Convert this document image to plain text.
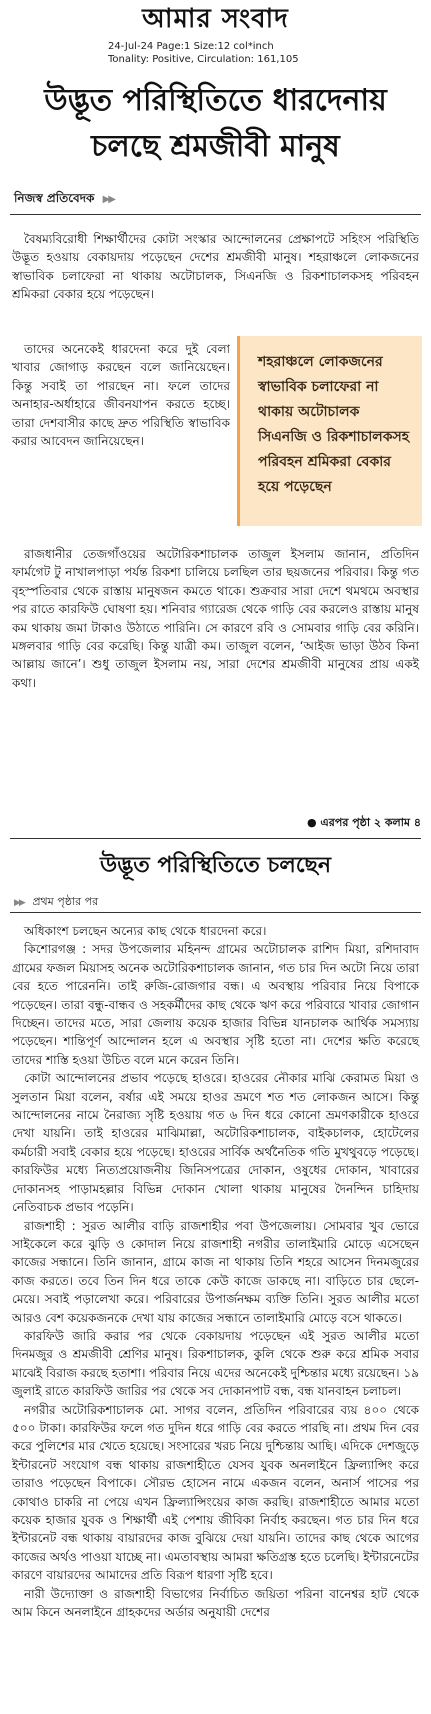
আমার সংবাদ
24-Jul-24 Page:1 Size:12 col*inch
Tonality: Positive, Circulation: 161,105
উদ্ভূত পরিস্থিতিতে ধারদেনায়
চলছে শ্রমজীবী মানুষ
নিজস্ব প্রতিবেদক ▶▶

বৈষম্যবিরোধী শিক্ষার্থীদের কোটা সংস্কার আন্দোলনের প্রেক্ষাপটে সহিংস পরিস্থিতি উদ্ভূত হওয়ায় বেকায়দায় পড়েছেন দেশের শ্রমজীবী মানুষ। শহরাঞ্চলে লোকজনের স্বাভাবিক চলাফেরা না থাকায় অটোচালক, সিএনজি ও রিকশাচালকসহ পরিবহন শ্রমিকরা বেকার হয়ে পড়েছেন।

তাদের অনেকেই ধারদেনা করে দুই বেলা খাবার জোগাড় করছেন বলে জানিয়েছেন। কিন্তু সবাই তা পারছেন না। ফলে তাদের অনাহার-অর্ধাহারে জীবনযাপন করতে হচ্ছে। তারা দেশবাসীর কাছে দ্রুত পরিস্থিতি স্বাভাবিক করার আবেদন জানিয়েছেন।

শহরাঞ্চলে লোকজনের স্বাভাবিক চলাফেরা না থাকায় অটোচালক সিএনজি ও রিকশাচালকসহ পরিবহন শ্রমিকরা বেকার হয়ে পড়েছেন

রাজধানীর তেজগাঁওয়ের অটোরিকশাচালক তাজুল ইসলাম জানান, প্রতিদিন ফার্মগেট টু নাখালপাড়া পর্যন্ত রিকশা চালিয়ে চলছিল তার ছয়জনের পরিবার। কিন্তু গত বৃহস্পতিবার থেকে রাস্তায় মানুষজন কমতে থাকে। শুক্রবার সারা দেশে থমথমে অবস্থার পর রাতে কারফিউ ঘোষণা হয়। শনিবার গ্যারেজ থেকে গাড়ি বের করলেও রাস্তায় মানুষ কম থাকায় জমা টাকাও উঠাতে পারিনি। সে কারণে রবি ও সোমবার গাড়ি বের করিনি। মঙ্গলবার গাড়ি বের করেছি। কিন্তু যাত্রী কম। তাজুল বলেন, ‘আইজ ভাড়া উঠব কিনা আল্লায় জানে’। শুধু তাজুল ইসলাম নয়, সারা দেশের শ্রমজীবী মানুষের প্রায় একই কথা।

● এরপর পৃষ্ঠা ২ কলাম ৪
উদ্ভূত পরিস্থিতিতে চলছেন
▶▶ প্রথম পৃষ্ঠার পর

অধিকাংশ চলছেন অন্যের কাছ থেকে ধারদেনা করে।

কিশোরগঞ্জ : সদর উপজেলার মহিনন্দ গ্রামের অটোচালক রাশিদ মিয়া, রশিদাবাদ গ্রামের ফজল মিয়াসহ অনেক অটোরিকশাচালক জানান, গত চার দিন অটো নিয়ে তারা বের হতে পারেননি। তাই রুজি-রোজগার বন্ধ। এ অবস্থায় পরিবার নিয়ে বিপাকে পড়েছেন। তারা বন্ধু-বান্ধব ও সহকর্মীদের কাছ থেকে ঋণ করে পরিবারে খাবার জোগান দিচ্ছেন। তাদের মতে, সারা জেলায় কয়েক হাজার বিভিন্ন যানচালক আর্থিক সমস্যায় পড়েছেন। শান্তিপূর্ণ আন্দোলন হলে এ অবস্থার সৃষ্টি হতো না। দেশের ক্ষতি করেছে তাদের শাস্তি হওয়া উচিত বলে মনে করেন তিনি।

কোটা আন্দোলনের প্রভাব পড়েছে হাওরে। হাওরের নৌকার মাঝি কেরামত মিয়া ও সুলতান মিয়া বলেন, বর্ষার এই সময়ে হাওর ভ্রমণে শত শত লোকজন আসে। কিন্তু আন্দোলনের নামে নৈরাজ্য সৃষ্টি হওয়ায় গত ৬ দিন ধরে কোনো ভ্রমণকারীকে হাওরে দেখা যায়নি। তাই হাওরের মাঝিমাল্লা, অটোরিকশাচালক, বাইকচালক, হোটেলের কর্মচারী সবাই বেকার হয়ে পড়েছে। হাওরের সার্বিক অর্থনৈতিক গতি মুখথুবড়ে পড়েছে। কারফিউর মধ্যে নিত্যপ্রয়োজনীয় জিনিসপত্রের দোকান, ওষুধের দোকান, খাবারের দোকানসহ পাড়ামহল্লার বিভিন্ন দোকান খোলা থাকায় মানুষের দৈনন্দিন চাহিদায় নেতিবাচক প্রভাব পড়েনি।

রাজশাহী : সুরত আলীর বাড়ি রাজশাহীর পবা উপজেলায়। সোমবার খুব ভোরে সাইকেলে করে ঝুড়ি ও কোদাল নিয়ে রাজশাহী নগরীর তালাইমারি মোড়ে এসেছেন কাজের সন্ধানে। তিনি জানান, গ্রামে কাজ না থাকায় তিনি শহরে আসেন দিনমজুরের কাজ করতে। তবে তিন দিন ধরে তাকে কেউ কাজে ডাকছে না। বাড়িতে চার ছেলে-মেয়ে। সবাই পড়ালেখা করে। পরিবারের উপার্জনক্ষম ব্যক্তি তিনি। সুরত আলীর মতো আরও বেশ কয়েকজনকে দেখা যায় কাজের সন্ধানে তালাইমারি মোড়ে বসে থাকতে।

কারফিউ জারি করার পর থেকে বেকায়দায় পড়েছেন এই সুরত আলীর মতো দিনমজুর ও শ্রমজীবী শ্রেণির মানুষ। রিকশাচালক, কুলি থেকে শুরু করে শ্রমিক সবার মাঝেই বিরাজ করছে হতাশা। পরিবার নিয়ে এদের অনেকেই দুশ্চিন্তার মধ্যে রয়েছেন। ১৯ জুলাই রাতে কারফিউ জারির পর থেকে সব দোকানপাট বন্ধ, বন্ধ যানবাহন চলাচল।

নগরীর অটোরিকশাচালক মো. সাগর বলেন, প্রতিদিন পরিবারের ব্যয় ৪০০ থেকে ৫০০ টাকা। কারফিউর ফলে গত দুদিন ধরে গাড়ি বের করতে পারছি না। প্রথম দিন বের করে পুলিশের মার খেতে হয়েছে। সংসারের খরচ নিয়ে দুশ্চিন্তায় আছি। এদিকে দেশজুড়ে ইন্টারনেট সংযোগ বন্ধ থাকায় রাজশাহীতে যেসব যুবক অনলাইনে ফ্রিল্যান্সিং করে তারাও পড়েছেন বিপাকে। সৌরভ হোসেন নামে একজন বলেন, অনার্স পাসের পর কোথাও চাকরি না পেয়ে এখন ফ্রিল্যান্সিংয়ের কাজ করছি। রাজশাহীতে আমার মতো কয়েক হাজার যুবক ও শিক্ষার্থী এই পেশায় জীবিকা নির্বাহ করছেন। গত চার দিন ধরে ইন্টারনেট বন্ধ থাকায় বায়ারদের কাজ বুঝিয়ে দেয়া যায়নি। তাদের কাছ থেকে আগের কাজের অর্থও পাওয়া যাচ্ছে না। এমতাবস্থায় আমরা ক্ষতিগ্রস্ত হতে চলেছি। ইন্টারনেটের কারণে বায়ারদের আমাদের প্রতি বিরূপ ধারণা সৃষ্টি হবে।

নারী উদ্যোক্তা ও রাজশাহী বিভাগের নির্বাচিত জয়িতা পরিনা বানেশ্বর হাট থেকে আম কিনে অনলাইনে গ্রাহকদের অর্ডার অনুযায়ী দেশের
